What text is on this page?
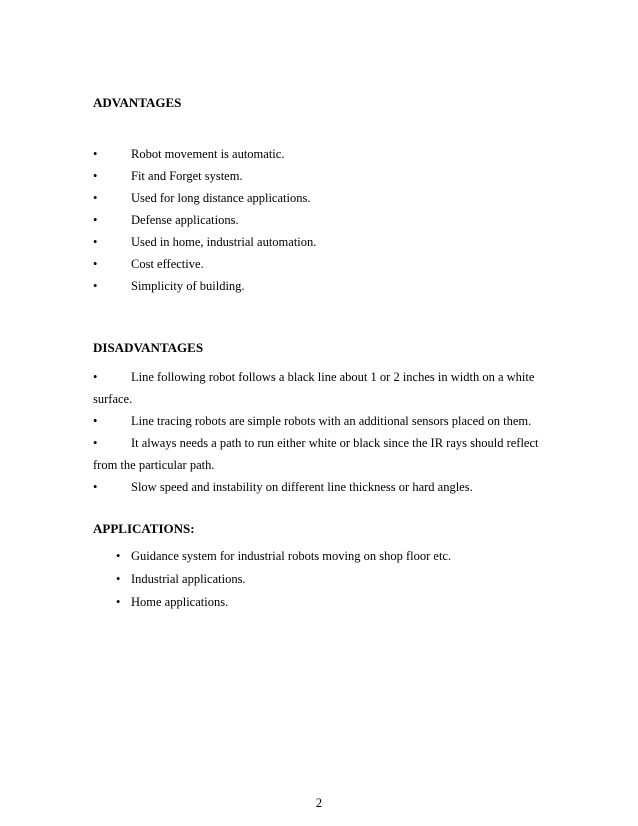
ADVANTAGES
•	Robot movement is automatic.
•	Fit and Forget system.
•	Used for long distance applications.
•	Defense applications.
•	Used in home, industrial automation.
•	Cost effective.
•	Simplicity of building.
DISADVANTAGES
•	Line following robot follows a black line about 1 or 2 inches in width on a white
surface.
•	Line tracing robots are simple robots with an additional sensors placed on them.
•	It always needs a path to run either white or black since the IR rays should reflect
from the particular path.
•	Slow speed and instability on different line thickness or hard angles.
APPLICATIONS:
• Guidance system for industrial robots moving on shop floor etc.
• Industrial applications.
• Home applications.
2
